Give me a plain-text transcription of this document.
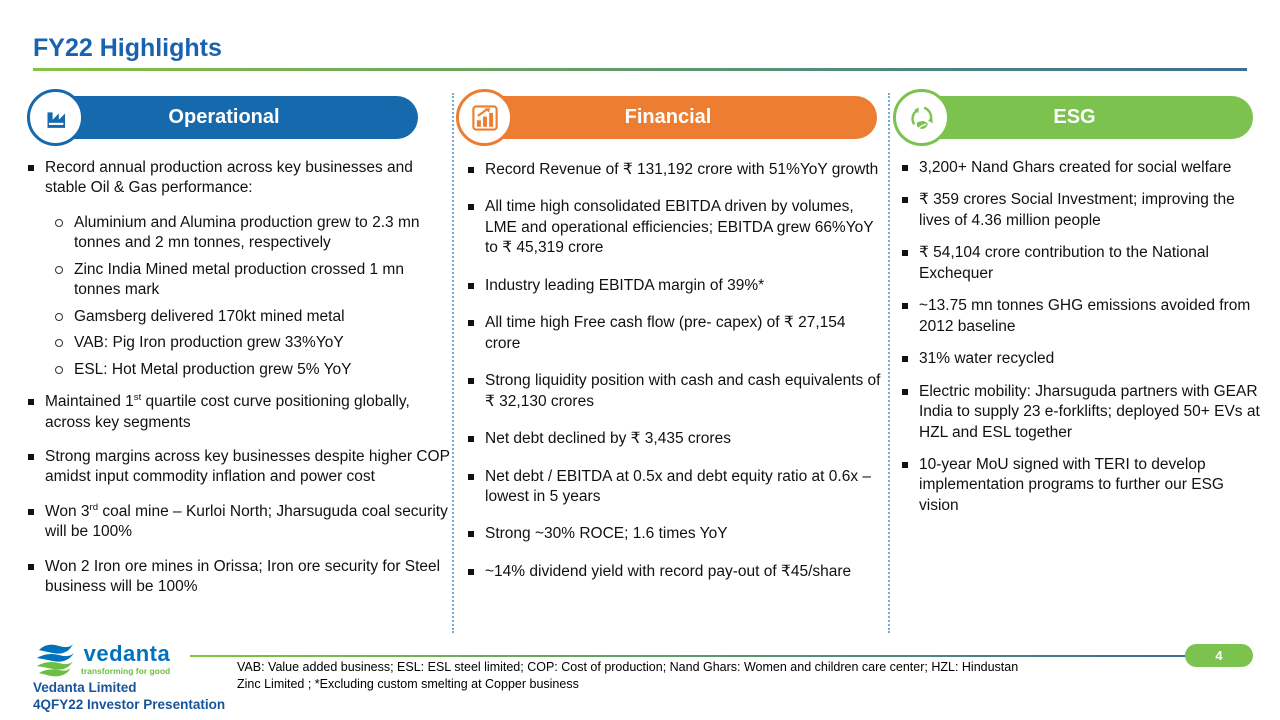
FY22 Highlights
Operational	Financial	ESG
Record annual production across key businesses and stable Oil & Gas performance:
Aluminium and Alumina production grew to 2.3 mn tonnes and 2 mn tonnes, respectively
Zinc India Mined metal production crossed 1 mn tonnes mark
Gamsberg delivered 170kt mined metal
VAB: Pig Iron production grew 33%YoY
ESL: Hot Metal production grew 5% YoY
Maintained 1st quartile cost curve positioning globally, across key segments
Strong margins across key businesses despite higher COP amidst input commodity inflation and power cost
Won 3rd coal mine – Kurloi North; Jharsuguda coal security will be 100%
Won 2 Iron ore mines in Orissa; Iron ore security for Steel business will be 100%
Record Revenue of ₹ 131,192 crore with 51%YoY growth
All time high consolidated EBITDA driven by volumes, LME and operational efficiencies; EBITDA grew 66%YoY to ₹ 45,319 crore
Industry leading EBITDA margin of 39%*
All time high Free cash flow (pre- capex) of ₹ 27,154 crore
Strong liquidity position with cash and cash equivalents of ₹ 32,130 crores
Net debt declined by ₹ 3,435 crores
Net debt / EBITDA at 0.5x and debt equity ratio at 0.6x – lowest in 5 years
Strong ~30% ROCE; 1.6 times YoY
~14% dividend yield with record pay-out of ₹45/share
3,200+ Nand Ghars created for social welfare
₹ 359 crores Social Investment; improving the lives of 4.36 million people
₹ 54,104 crore contribution to the National Exchequer
~13.75 mn tonnes GHG emissions avoided from 2012 baseline
31% water recycled
Electric mobility: Jharsuguda partners with GEAR India to supply 23 e-forklifts; deployed 50+ EVs at HZL and ESL together
10-year MoU signed with TERI to develop implementation programs to further our ESG vision
vedanta
transforming for good
Vedanta Limited
4QFY22 Investor Presentation
VAB: Value added business; ESL: ESL steel limited; COP: Cost of production; Nand Ghars: Women and children care center; HZL: Hindustan
Zinc Limited ; *Excluding custom smelting at Copper business
4
